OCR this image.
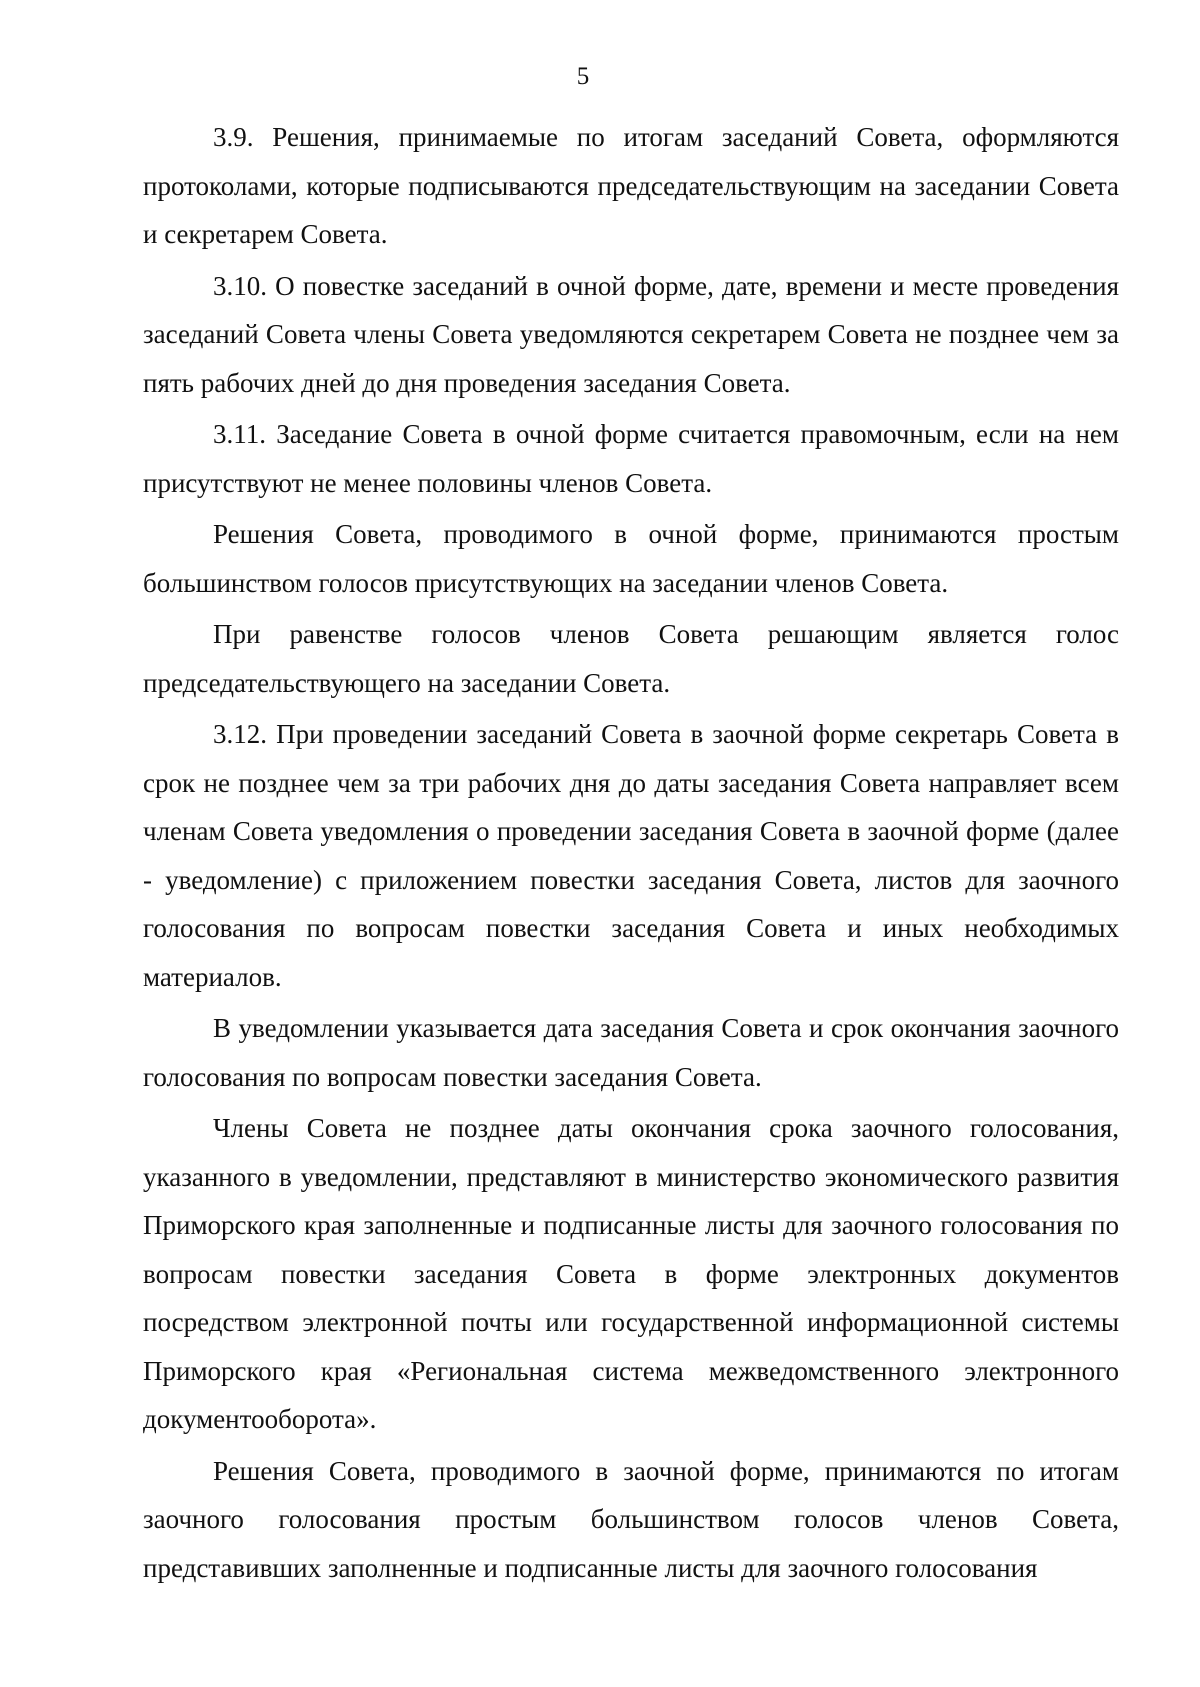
5

3.9. Решения, принимаемые по итогам заседаний Совета, оформляются протоколами, которые подписываются председательствующим на заседании Совета и секретарем Совета.

3.10. О повестке заседаний в очной форме, дате, времени и месте проведения заседаний Совета члены Совета уведомляются секретарем Совета не позднее чем за пять рабочих дней до дня проведения заседания Совета.

3.11. Заседание Совета в очной форме считается правомочным, если на нем присутствуют не менее половины членов Совета.

Решения Совета, проводимого в очной форме, принимаются простым большинством голосов присутствующих на заседании членов Совета.

При равенстве голосов членов Совета решающим является голос председательствующего на заседании Совета.

3.12. При проведении заседаний Совета в заочной форме секретарь Совета в срок не позднее чем за три рабочих дня до даты заседания Совета направляет всем членам Совета уведомления о проведении заседания Совета в заочной форме (далее - уведомление) с приложением повестки заседания Совета, листов для заочного голосования по вопросам повестки заседания Совета и иных необходимых материалов.

В уведомлении указывается дата заседания Совета и срок окончания заочного голосования по вопросам повестки заседания Совета.

Члены Совета не позднее даты окончания срока заочного голосования, указанного в уведомлении, представляют в министерство экономического развития Приморского края заполненные и подписанные листы для заочного голосования по вопросам повестки заседания Совета в форме электронных документов посредством электронной почты или государственной информационной системы Приморского края «Региональная система межведомственного электронного документооборота».

Решения Совета, проводимого в заочной форме, принимаются по итогам заочного голосования простым большинством голосов членов Совета, представивших заполненные и подписанные листы для заочного голосования
